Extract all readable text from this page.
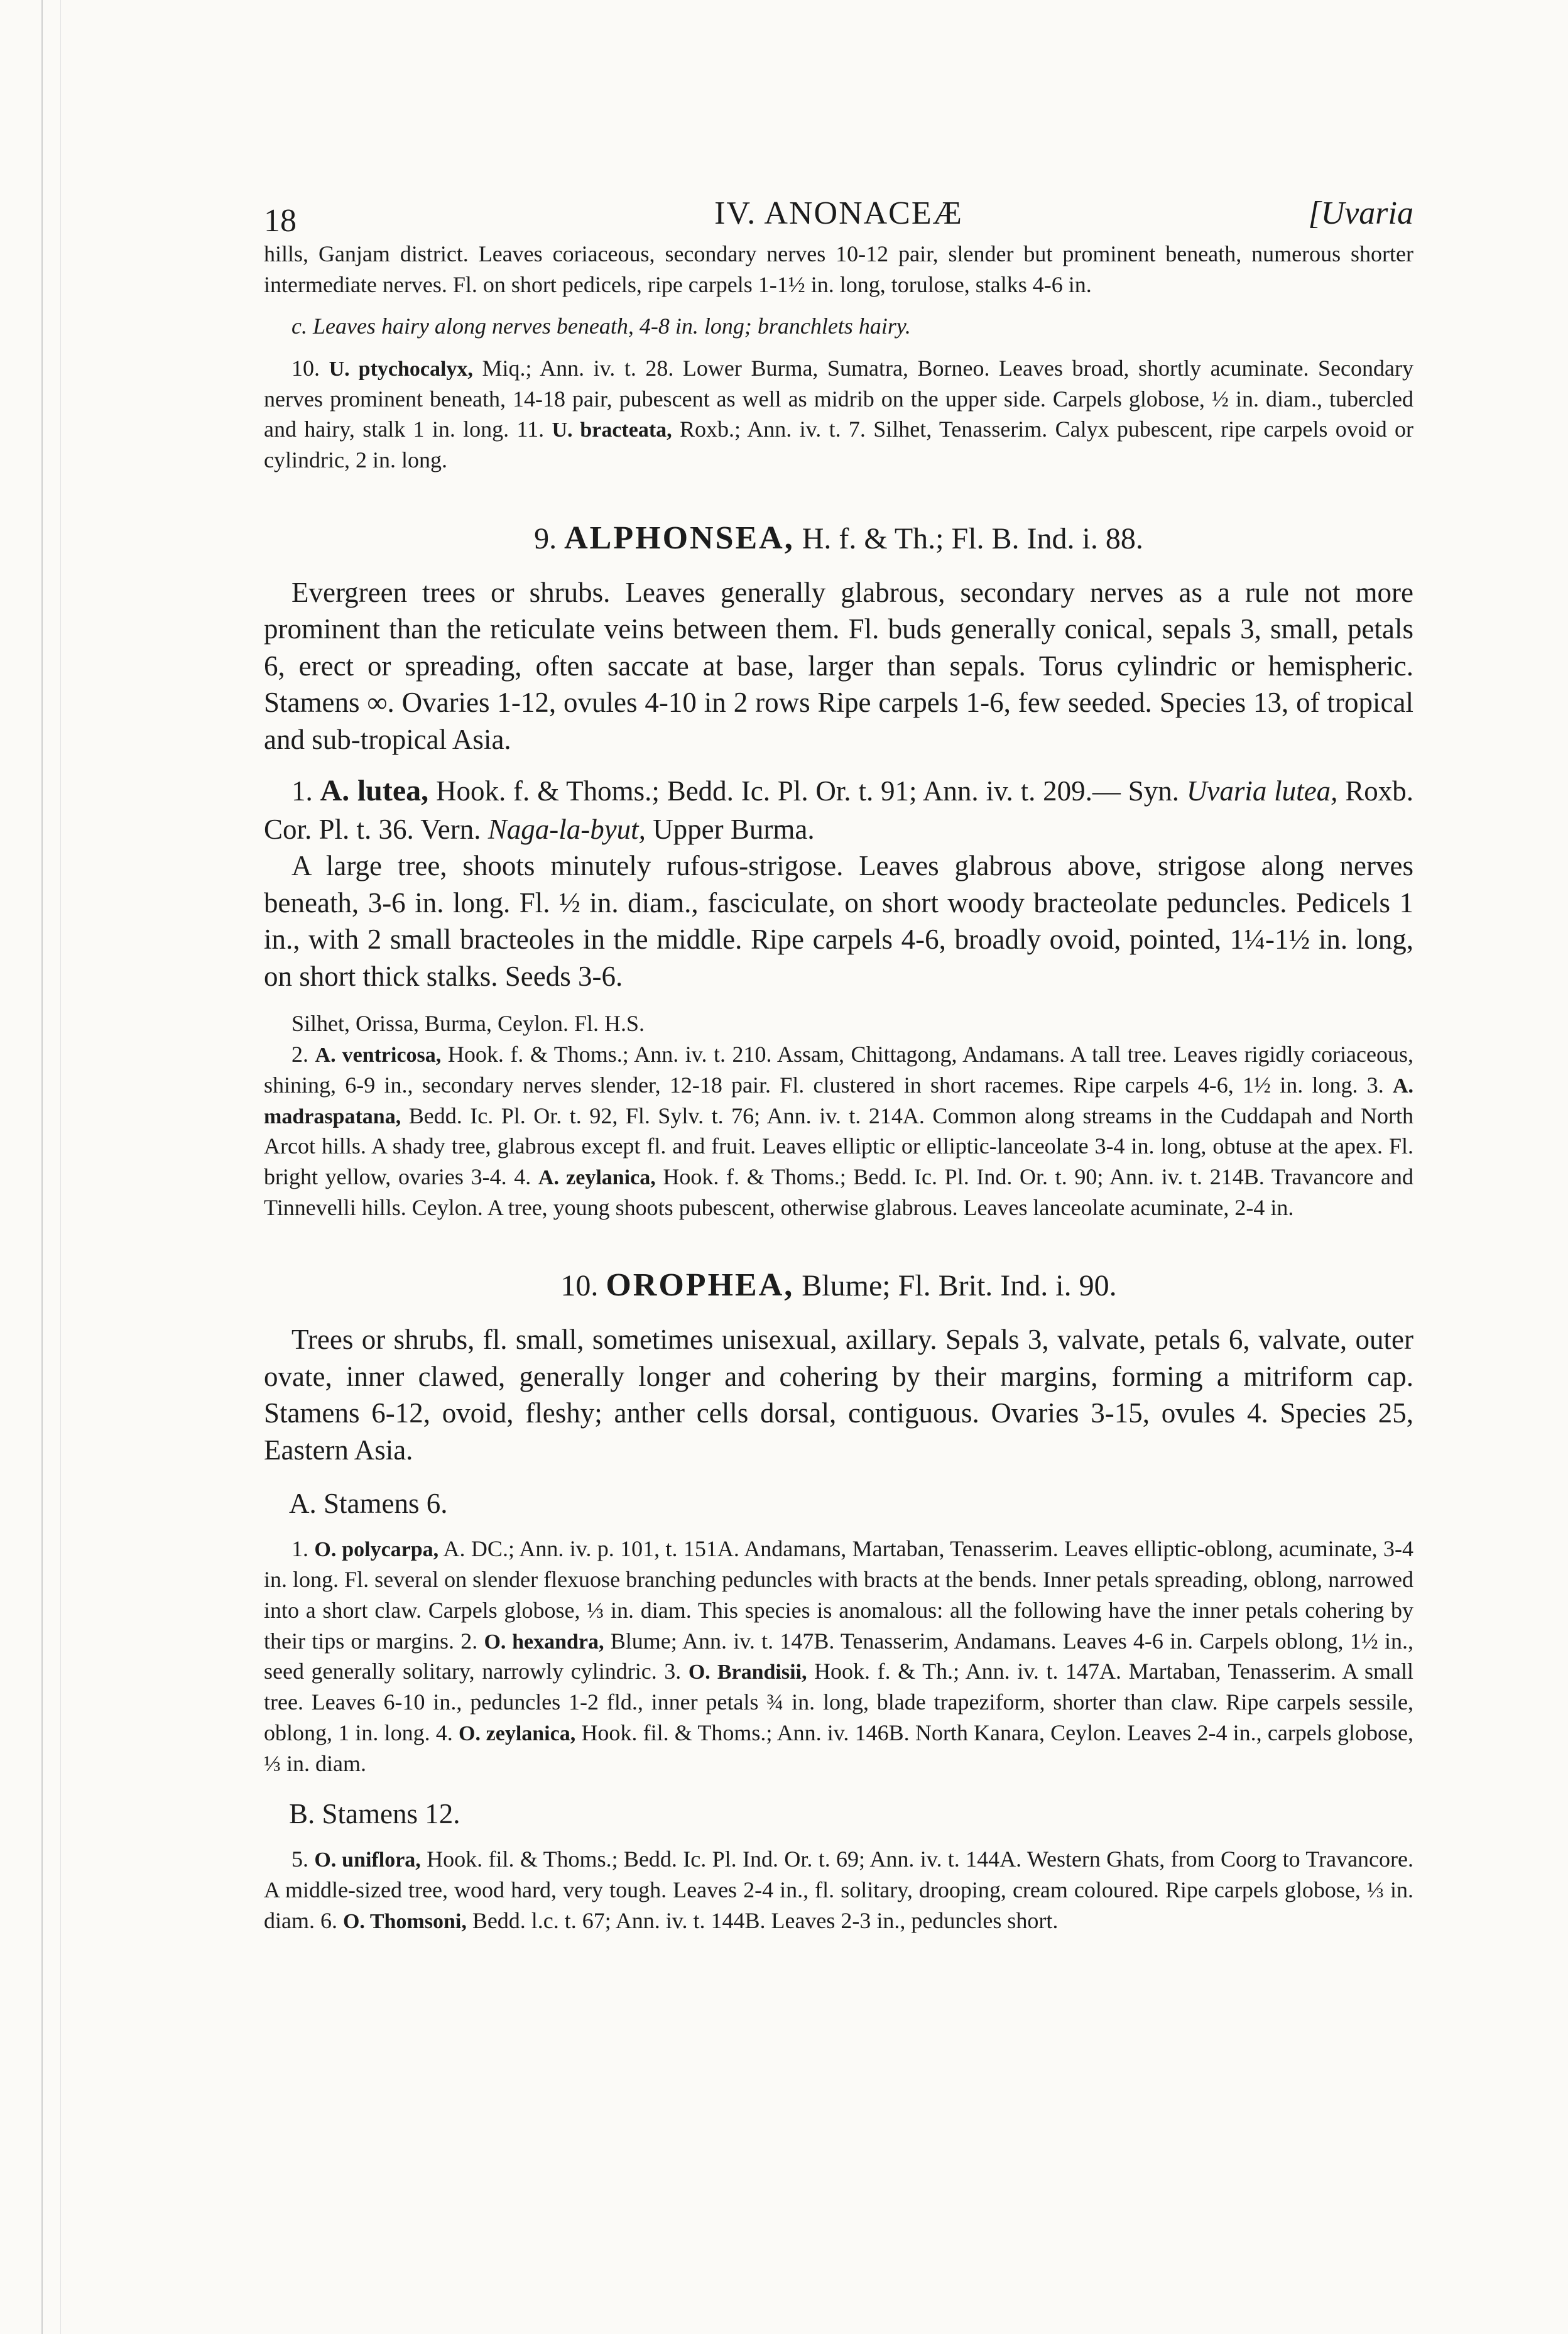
18	IV. ANONACEÆ	[Uvaria

hills, Ganjam district. Leaves coriaceous, secondary nerves 10-12 pair, slender but prominent beneath, numerous shorter intermediate nerves. Fl. on short pedicels, ripe carpels 1-1½ in. long, torulose, stalks 4-6 in.

c. Leaves hairy along nerves beneath, 4-8 in. long; branchlets hairy.

10. U. ptychocalyx, Miq.; Ann. iv. t. 28. Lower Burma, Sumatra, Borneo. Leaves broad, shortly acuminate. Secondary nerves prominent beneath, 14-18 pair, pubescent as well as midrib on the upper side. Carpels globose, ½ in. diam., tubercled and hairy, stalk 1 in. long. 11. U. bracteata, Roxb.; Ann. iv. t. 7. Silhet, Tenasserim. Calyx pubescent, ripe carpels ovoid or cylindric, 2 in. long.

9. ALPHONSEA, H. f. & Th.; Fl. B. Ind. i. 88.

Evergreen trees or shrubs. Leaves generally glabrous, secondary nerves as a rule not more prominent than the reticulate veins between them. Fl. buds generally conical, sepals 3, small, petals 6, erect or spreading, often saccate at base, larger than sepals. Torus cylindric or hemispheric. Stamens ∞. Ovaries 1-12, ovules 4-10 in 2 rows Ripe carpels 1-6, few seeded. Species 13, of tropical and sub-tropical Asia.

1. A. lutea, Hook. f. & Thoms.; Bedd. Ic. Pl. Or. t. 91; Ann. iv. t. 209.— Syn. Uvaria lutea, Roxb. Cor. Pl. t. 36. Vern. Naga-la-byut, Upper Burma.

A large tree, shoots minutely rufous-strigose. Leaves glabrous above, strigose along nerves beneath, 3-6 in. long. Fl. ½ in. diam., fasciculate, on short woody bracteolate peduncles. Pedicels 1 in., with 2 small bracteoles in the middle. Ripe carpels 4-6, broadly ovoid, pointed, 1¼-1½ in. long, on short thick stalks. Seeds 3-6.

Silhet, Orissa, Burma, Ceylon. Fl. H.S.

2. A. ventricosa, Hook. f. & Thoms.; Ann. iv. t. 210. Assam, Chittagong, Andamans. A tall tree. Leaves rigidly coriaceous, shining, 6-9 in., secondary nerves slender, 12-18 pair. Fl. clustered in short racemes. Ripe carpels 4-6, 1½ in. long. 3. A. madraspatana, Bedd. Ic. Pl. Or. t. 92, Fl. Sylv. t. 76; Ann. iv. t. 214A. Common along streams in the Cuddapah and North Arcot hills. A shady tree, glabrous except fl. and fruit. Leaves elliptic or elliptic-lanceolate 3-4 in. long, obtuse at the apex. Fl. bright yellow, ovaries 3-4. 4. A. zeylanica, Hook. f. & Thoms.; Bedd. Ic. Pl. Ind. Or. t. 90; Ann. iv. t. 214B. Travancore and Tinnevelli hills. Ceylon. A tree, young shoots pubescent, otherwise glabrous. Leaves lanceolate acuminate, 2-4 in.

10. OROPHEA, Blume; Fl. Brit. Ind. i. 90.

Trees or shrubs, fl. small, sometimes unisexual, axillary. Sepals 3, valvate, petals 6, valvate, outer ovate, inner clawed, generally longer and cohering by their margins, forming a mitriform cap. Stamens 6-12, ovoid, fleshy; anther cells dorsal, contiguous. Ovaries 3-15, ovules 4. Species 25, Eastern Asia.

A. Stamens 6.

1. O. polycarpa, A. DC.; Ann. iv. p. 101, t. 151A. Andamans, Martaban, Tenasserim. Leaves elliptic-oblong, acuminate, 3-4 in. long. Fl. several on slender flexuose branching peduncles with bracts at the bends. Inner petals spreading, oblong, narrowed into a short claw. Carpels globose, ⅓ in. diam. This species is anomalous: all the following have the inner petals cohering by their tips or margins. 2. O. hexandra, Blume; Ann. iv. t. 147B. Tenasserim, Andamans. Leaves 4-6 in. Carpels oblong, 1½ in., seed generally solitary, narrowly cylindric. 3. O. Brandisii, Hook. f. & Th.; Ann. iv. t. 147A. Martaban, Tenasserim. A small tree. Leaves 6-10 in., peduncles 1-2 fld., inner petals ¾ in. long, blade trapeziform, shorter than claw. Ripe carpels sessile, oblong, 1 in. long. 4. O. zeylanica, Hook. fil. & Thoms.; Ann. iv. 146B. North Kanara, Ceylon. Leaves 2-4 in., carpels globose, ⅓ in. diam.

B. Stamens 12.

5. O. uniflora, Hook. fil. & Thoms.; Bedd. Ic. Pl. Ind. Or. t. 69; Ann. iv. t. 144A. Western Ghats, from Coorg to Travancore. A middle-sized tree, wood hard, very tough. Leaves 2-4 in., fl. solitary, drooping, cream coloured. Ripe carpels globose, ⅓ in. diam. 6. O. Thomsoni, Bedd. l.c. t. 67; Ann. iv. t. 144B. Leaves 2-3 in., peduncles short.
